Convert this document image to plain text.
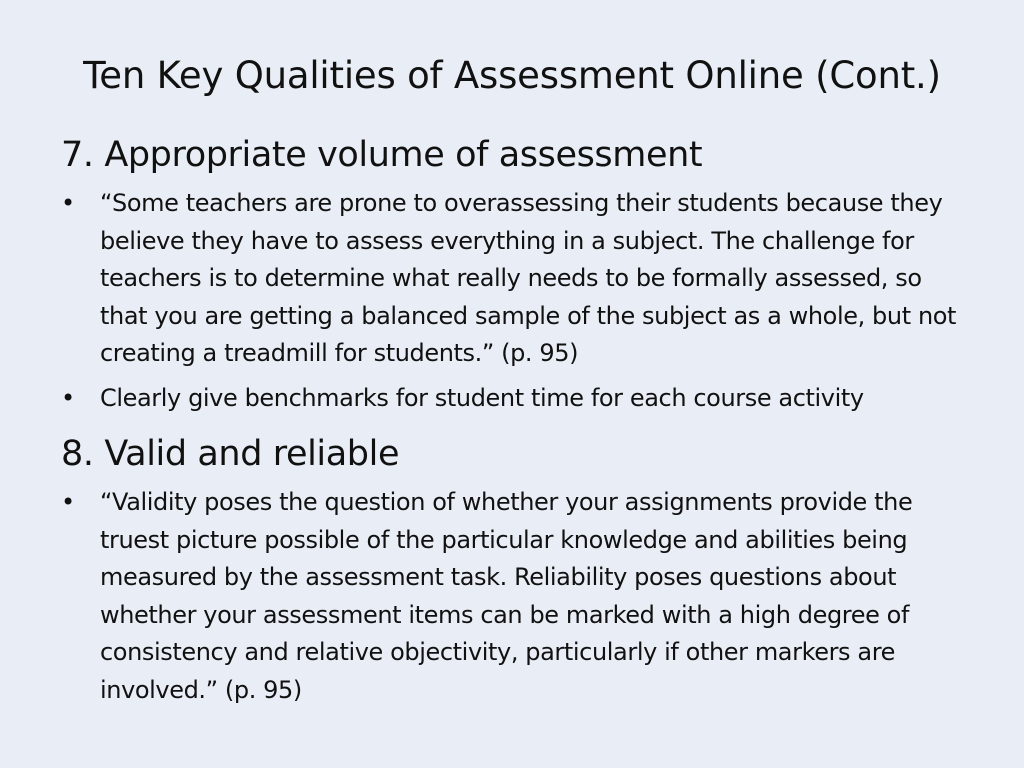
Ten Key Qualities of Assessment Online (Cont.)
7. Appropriate volume of assessment
• “Some teachers are prone to overassessing their students because they believe they have to assess everything in a subject. The challenge for teachers is to determine what really needs to be formally assessed, so that you are getting a balanced sample of the subject as a whole, but not creating a treadmill for students.” (p. 95)
• Clearly give benchmarks for student time for each course activity
8. Valid and reliable
• “Validity poses the question of whether your assignments provide the truest picture possible of the particular knowledge and abilities being measured by the assessment task. Reliability poses questions about whether your assessment items can be marked with a high degree of consistency and relative objectivity, particularly if other markers are involved.” (p. 95)
